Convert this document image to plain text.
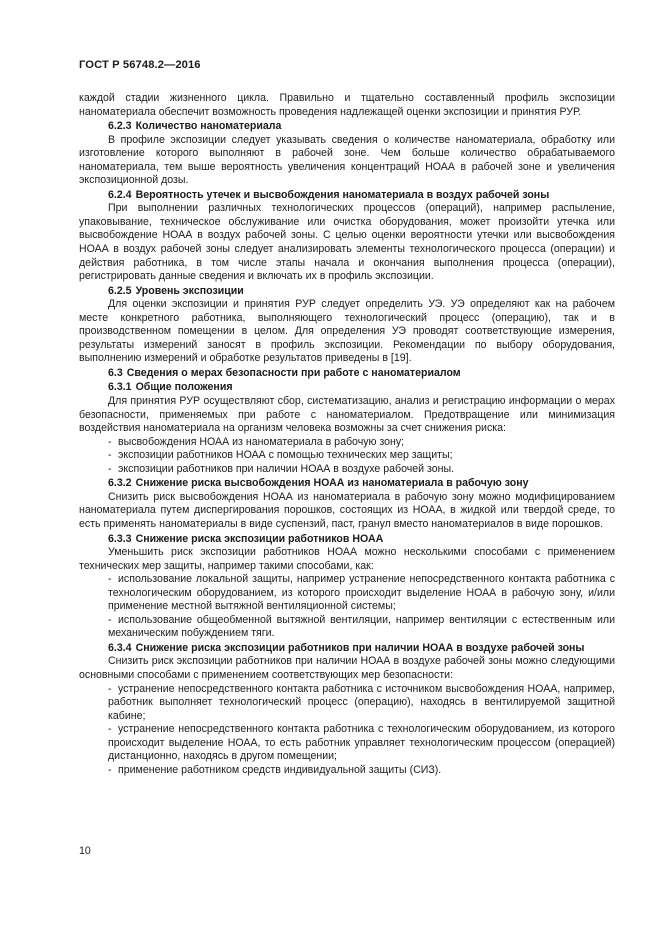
ГОСТ Р 56748.2—2016

каждой стадии жизненного цикла. Правильно и тщательно составленный профиль экспозиции наноматериала обеспечит возможность проведения надлежащей оценки экспозиции и принятия РУР.

6.2.3 Количество наноматериала

В профиле экспозиции следует указывать сведения о количестве наноматериала, обработку или изготовление которого выполняют в рабочей зоне. Чем больше количество обрабатываемого наноматериала, тем выше вероятность увеличения концентраций НОАА в рабочей зоне и увеличения экспозиционной дозы.

6.2.4 Вероятность утечек и высвобождения наноматериала в воздух рабочей зоны

При выполнении различных технологических процессов (операций), например распыление, упаковывание, техническое обслуживание или очистка оборудования, может произойти утечка или высвобождение НОАА в воздух рабочей зоны. С целью оценки вероятности утечки или высвобождения НОАА в воздух рабочей зоны следует анализировать элементы технологического процесса (операции) и действия работника, в том числе этапы начала и окончания выполнения процесса (операции), регистрировать данные сведения и включать их в профиль экспозиции.

6.2.5 Уровень экспозиции

Для оценки экспозиции и принятия РУР следует определить УЭ. УЭ определяют как на рабочем месте конкретного работника, выполняющего технологический процесс (операцию), так и в производственном помещении в целом. Для определения УЭ проводят соответствующие измерения, результаты измерений заносят в профиль экспозиции. Рекомендации по выбору оборудования, выполнению измерений и обработке результатов приведены в [19].

6.3 Сведения о мерах безопасности при работе с наноматериалом

6.3.1 Общие положения

Для принятия РУР осуществляют сбор, систематизацию, анализ и регистрацию информации о мерах безопасности, применяемых при работе с наноматериалом. Предотвращение или минимизация воздействия наноматериала на организм человека возможны за счет снижения риска:

- высвобождения НОАА из наноматериала в рабочую зону;

- экспозиции работников НОАА с помощью технических мер защиты;

- экспозиции работников при наличии НОАА в воздухе рабочей зоны.

6.3.2 Снижение риска высвобождения НОАА из наноматериала в рабочую зону

Снизить риск высвобождения НОАА из наноматериала в рабочую зону можно модифицированием наноматериала путем диспергирования порошков, состоящих из НОАА, в жидкой или твердой среде, то есть применять наноматериалы в виде суспензий, паст, гранул вместо наноматериалов в виде порошков.

6.3.3 Снижение риска экспозиции работников НОАА

Уменьшить риск экспозиции работников НОАА можно несколькими способами с применением технических мер защиты, например такими способами, как:

- использование локальной защиты, например устранение непосредственного контакта работника с технологическим оборудованием, из которого происходит выделение НОАА в рабочую зону, и/или применение местной вытяжной вентиляционной системы;

- использование общеобменной вытяжной вентиляции, например вентиляции с естественным или механическим побуждением тяги.

6.3.4 Снижение риска экспозиции работников при наличии НОАА в воздухе рабочей зоны

Снизить риск экспозиции работников при наличии НОАА в воздухе рабочей зоны можно следующими основными способами с применением соответствующих мер безопасности:

- устранение непосредственного контакта работника с источником высвобождения НОАА, например, работник выполняет технологический процесс (операцию), находясь в вентилируемой защитной кабине;

- устранение непосредственного контакта работника с технологическим оборудованием, из которого происходит выделение НОАА, то есть работник управляет технологическим процессом (операцией) дистанционно, находясь в другом помещении;

- применение работником средств индивидуальной защиты (СИЗ).

10
